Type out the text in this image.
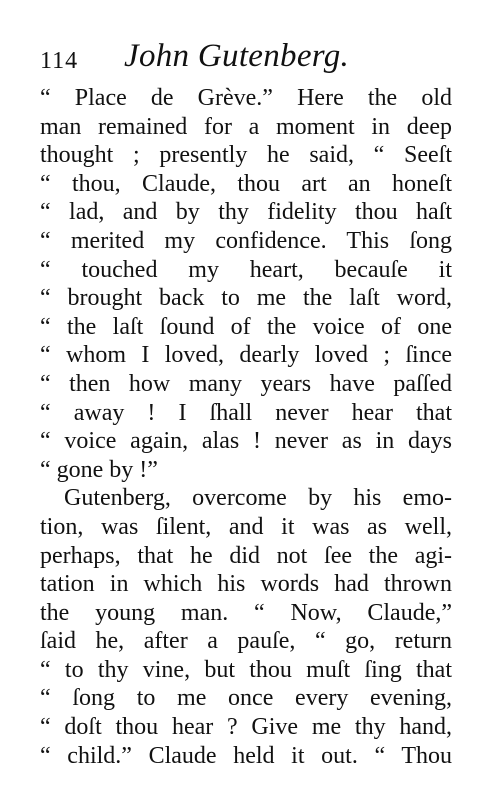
114 John Gutenberg.
“ Place de Grève.” Here the old
man remained for a moment in deep
thought ; presently he said, “ Seeſt
“ thou, Claude, thou art an honeſt
“ lad, and by thy fidelity thou haſt
“ merited my confidence. This ſong
“ touched my heart, becauſe it
“ brought back to me the laſt word,
“ the laſt ſound of the voice of one
“ whom I loved, dearly loved ; ſince
“ then how many years have paſſed
“ away ! I ſhall never hear that
“ voice again, alas ! never as in days
“ gone by !”
Gutenberg, overcome by his emo-
tion, was ſilent, and it was as well,
perhaps, that he did not ſee the agi-
tation in which his words had thrown
the young man. “ Now, Claude,”
ſaid he, after a pauſe, “ go, return
“ to thy vine, but thou muſt ſing that
“ ſong to me once every evening,
“ doſt thou hear ? Give me thy hand,
“ child.” Claude held it out. “ Thou
